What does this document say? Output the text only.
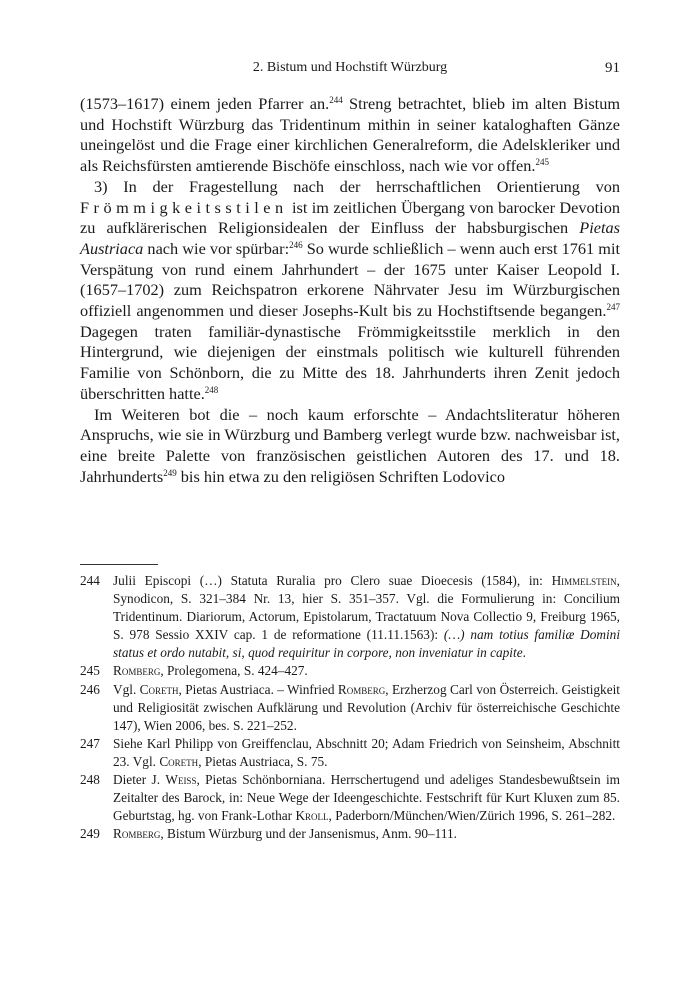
2. Bistum und Hochstift Würzburg	91

(1573–1617) einem jeden Pfarrer an.$^{244}$ Streng betrachtet, blieb im alten Bistum und Hochstift Würzburg das Tridentinum mithin in seiner kataloghaften Gänze uneingelöst und die Frage einer kirchlichen Generalreform, die Adelskleriker und als Reichsfürsten amtierende Bischöfe einschloss, nach wie vor offen.$^{245}$

3) In der Fragestellung nach der herrschaftlichen Orientierung von Frömmigkeitsstilen ist im zeitlichen Übergang von barocker Devotion zu aufklärerischen Religionsidealen der Einfluss der habsburgischen Pietas Austriaca nach wie vor spürbar:$^{246}$ So wurde schließlich – wenn auch erst 1761 mit Verspätung von rund einem Jahrhundert – der 1675 unter Kaiser Leopold I. (1657–1702) zum Reichspatron erkorene Nährvater Jesu im Würzburgischen offiziell angenommen und dieser Josephs-Kult bis zu Hochstiftsende begangen.$^{247}$ Dagegen traten familiär-dynastische Frömmigkeitsstile merklich in den Hintergrund, wie diejenigen der einstmals politisch wie kulturell führenden Familie von Schönborn, die zu Mitte des 18. Jahrhunderts ihren Zenit jedoch überschritten hatte.$^{248}$

Im Weiteren bot die – noch kaum erforschte – Andachtsliteratur höheren Anspruchs, wie sie in Würzburg und Bamberg verlegt wurde bzw. nachweisbar ist, eine breite Palette von französischen geistlichen Autoren des 17. und 18. Jahrhunderts$^{249}$ bis hin etwa zu den religiösen Schriften Lodovico

244 Julii Episcopi (…) Statuta Ruralia pro Clero suae Dioecesis (1584), in: Himmelstein, Synodicon, S. 321–384 Nr. 13, hier S. 351–357. Vgl. die Formulierung in: Concilium Tridentinum. Diariorum, Actorum, Epistolarum, Tractatuum Nova Collectio 9, Freiburg 1965, S. 978 Sessio XXIV cap. 1 de reformatione (11.11.1563): (…) nam totius familiæ Domini status et ordo nutabit, si, quod requiritur in corpore, non inveniatur in capite.
245 Romberg, Prolegomena, S. 424–427.
246 Vgl. Coreth, Pietas Austriaca. – Winfried Romberg, Erzherzog Carl von Österreich. Geistigkeit und Religiosität zwischen Aufklärung und Revolution (Archiv für österreichische Geschichte 147), Wien 2006, bes. S. 221–252.
247 Siehe Karl Philipp von Greiffenclau, Abschnitt 20; Adam Friedrich von Seinsheim, Abschnitt 23. Vgl. Coreth, Pietas Austriaca, S. 75.
248 Dieter J. Weiss, Pietas Schönborniana. Herrschertugend und adeliges Standesbewußtsein im Zeitalter des Barock, in: Neue Wege der Ideengeschichte. Festschrift für Kurt Kluxen zum 85. Geburtstag, hg. von Frank-Lothar Kroll, Paderborn/München/Wien/Zürich 1996, S. 261–282.
249 Romberg, Bistum Würzburg und der Jansenismus, Anm. 90–111.
